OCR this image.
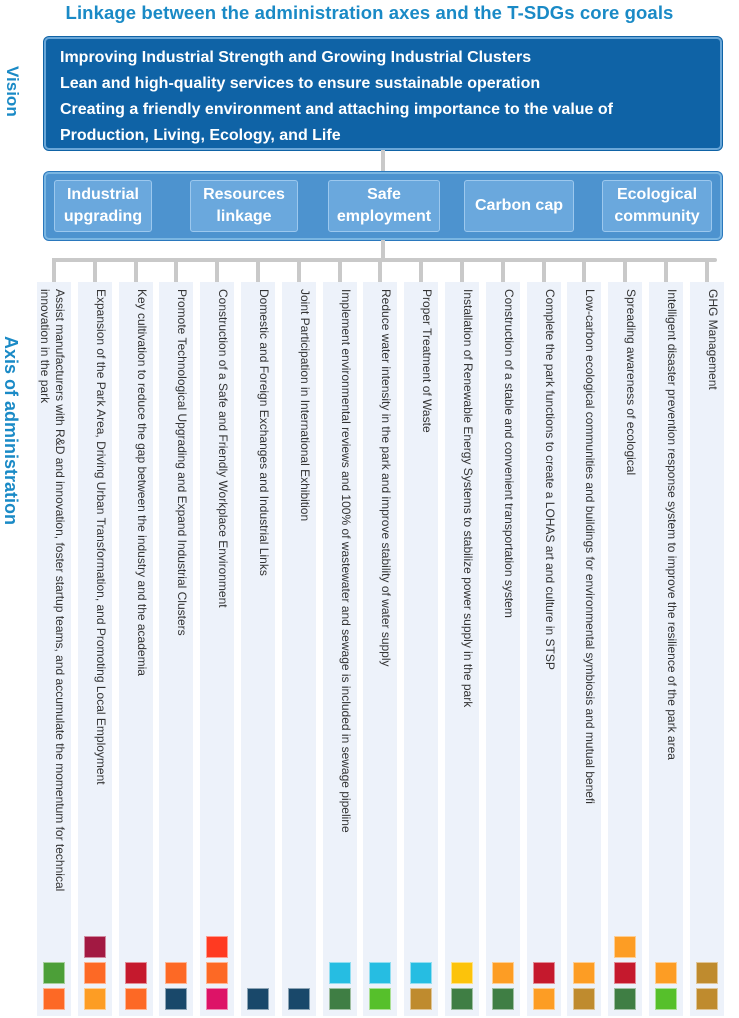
Linkage between the administration axes and the T-SDGs core goals
Vision
Axis of administration
Improving Industrial Strength and Growing Industrial Clusters
Lean and high-quality services to ensure sustainable operation
Creating a friendly environment and attaching importance to the value of
Production, Living, Ecology, and Life
Industrial upgrading
Resources linkage
Safe employment
Carbon cap
Ecological community
Assist manufacturers with R&D and innovation, foster startup teams, and accumulate the momentum for technical innovation in the park	Expansion of the Park Area, Driving Urban Transformation, and Promoting Local Employment Key cultivation to reduce the gap between the industry and the academia Promote Technological Upgrading and Expand Industrial Clusters Construction of a Safe and Friendly Workplace Environment Domestic and Foreign Exchanges and Industrial Links Joint Participation in International Exhibition Implement environmental reviews and 100% of wastewater and sewage is included in sewage pipeline Reduce water intensity in the park and improve stability of water supply Proper Treatment of Waste Installation of Renewable Energy Systems to stabilize power supply in the park Construction of a stable and convenient transportation system Complete the park functions to create a LOHAS art and culture in STSP Low-carbon ecological communities and buildings for environmental symbiosis and mutual benefi Spreading awareness of ecological Intelligent disaster prevention response system to improve the resilience of the park area GHG Management
